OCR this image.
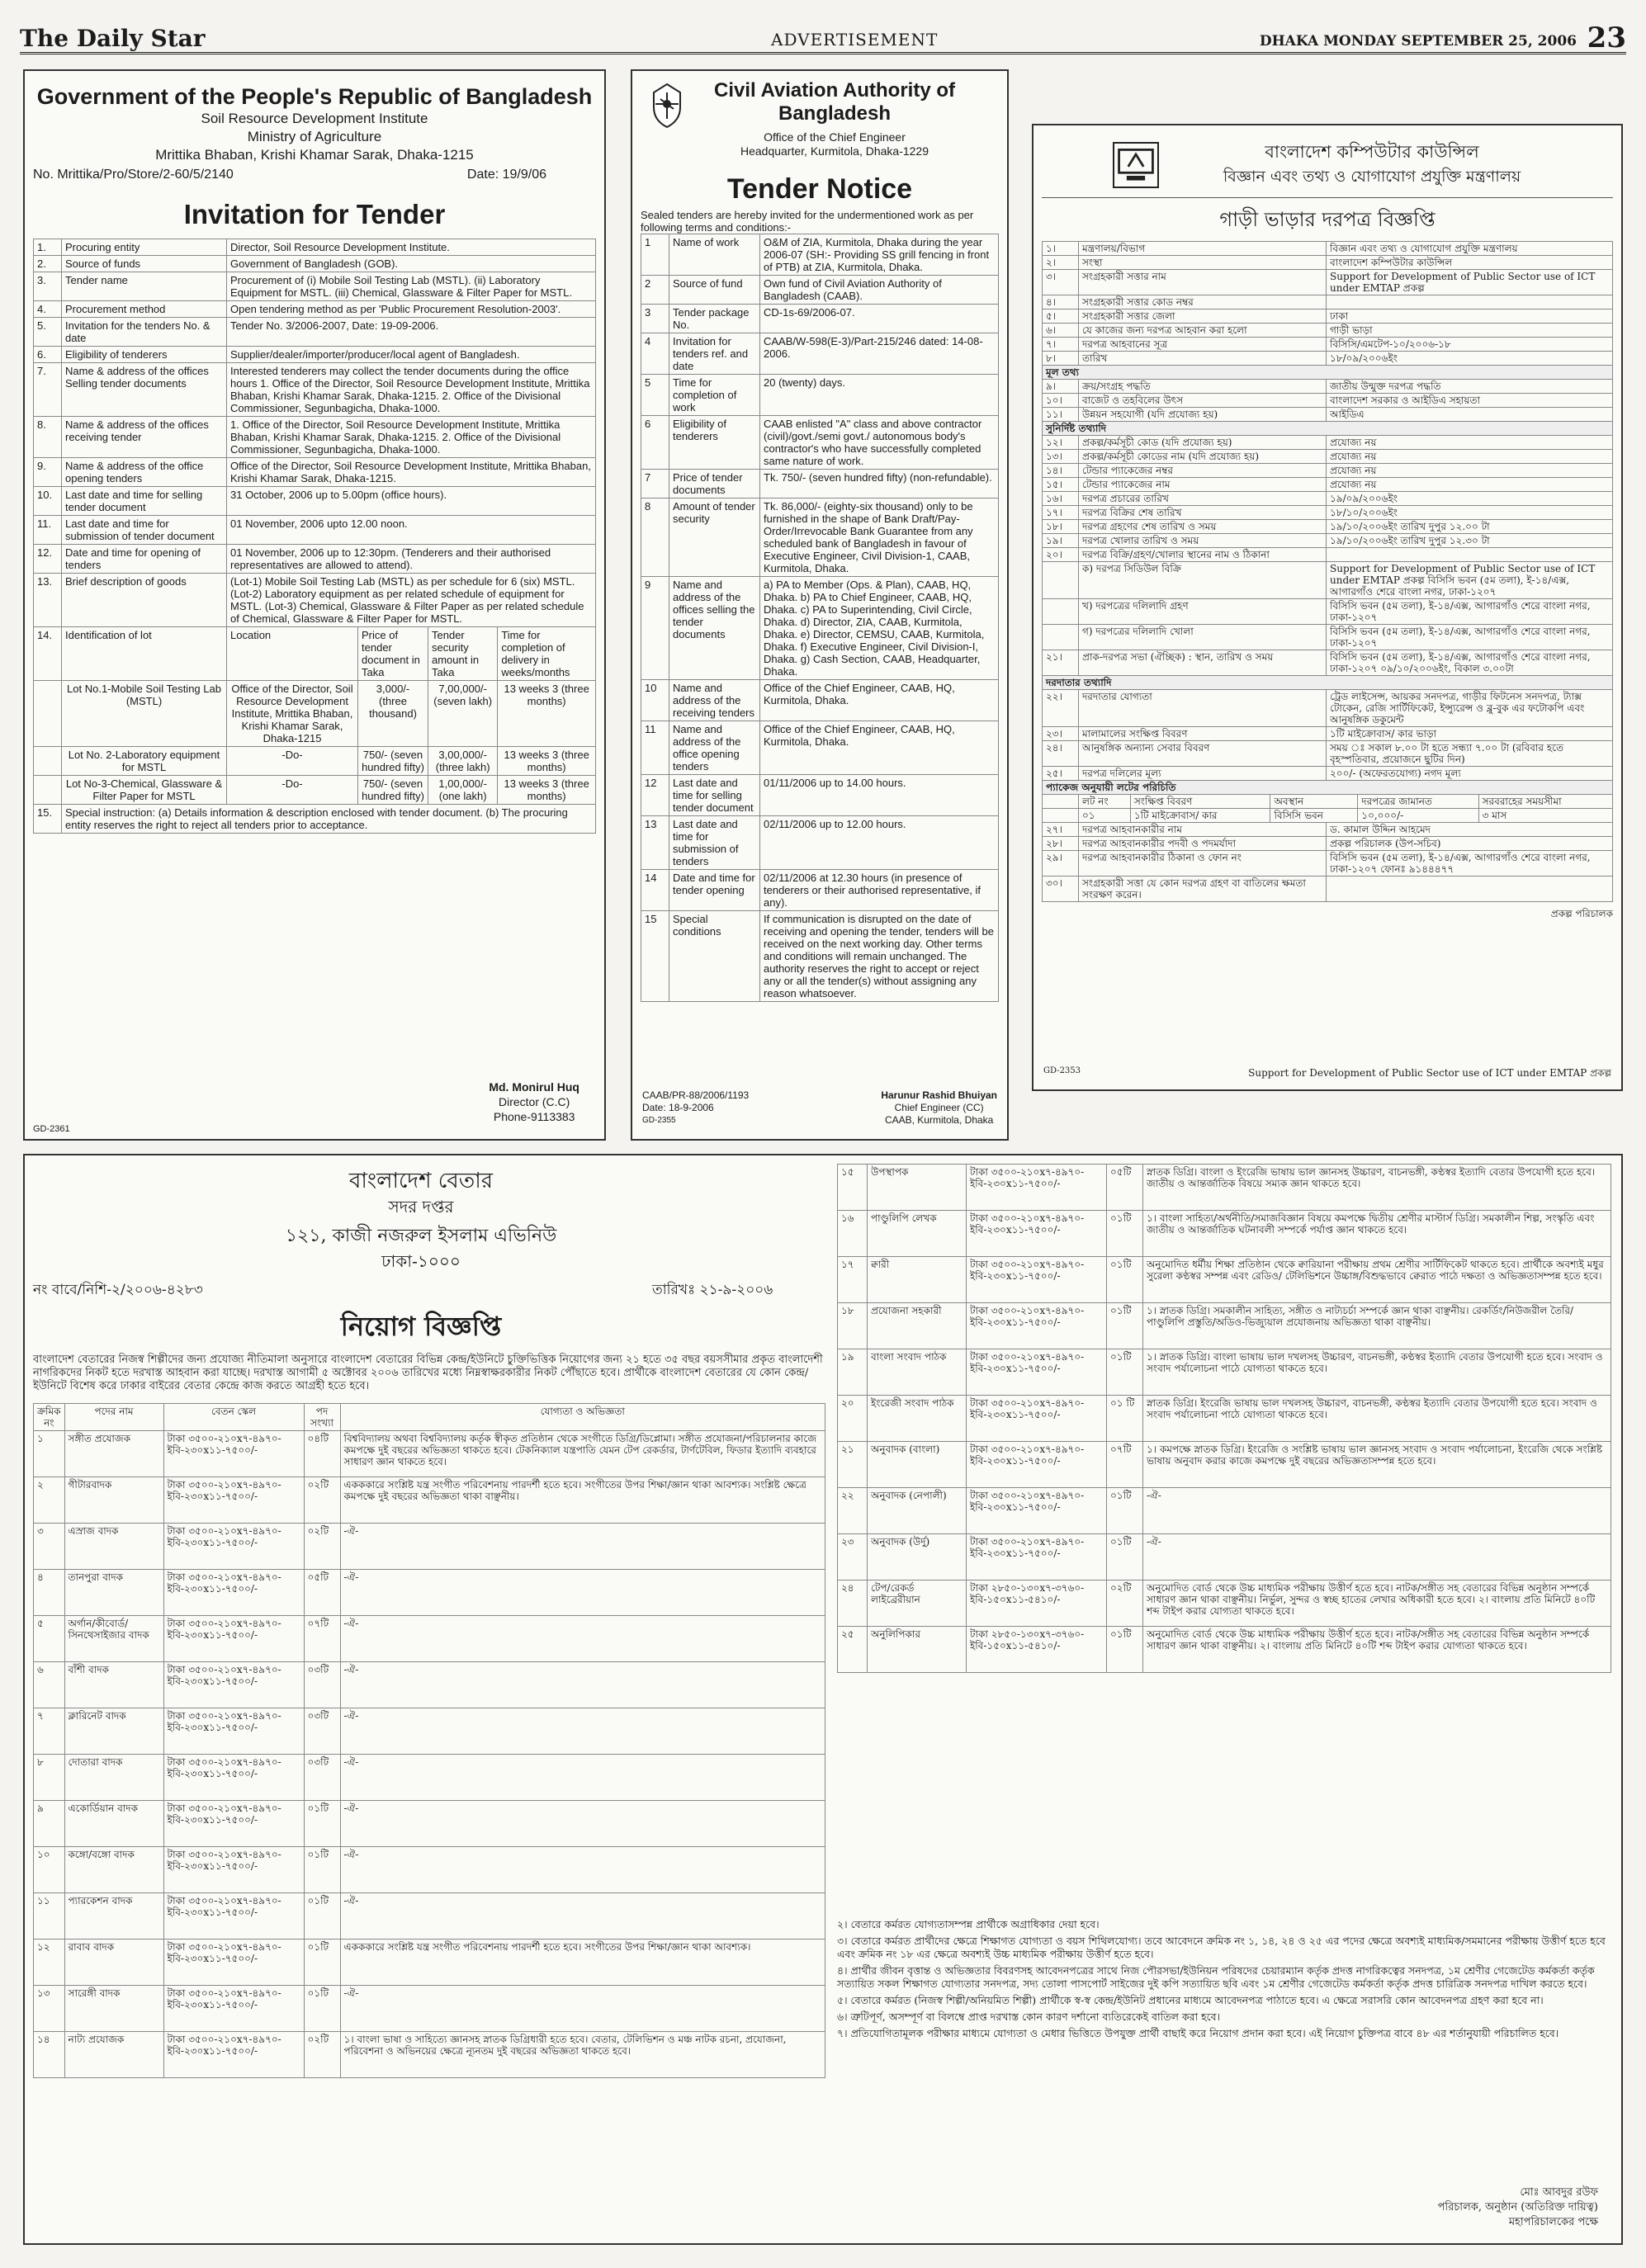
The Daily Star	ADVERTISEMENT	DHAKA MONDAY SEPTEMBER 25, 2006 23
Government of the People's Republic of Bangladesh
Soil Resource Development Institute
Ministry of Agriculture
Mrittika Bhaban, Krishi Khamar Sarak, Dhaka-1215
No. Mrittika/Pro/Store/2-60/5/2140	Date: 19/9/06
Invitation for Tender
1.	Procuring entity	Director, Soil Resource Development Institute.			
2.	Source of funds	Government of Bangladesh (GOB).			
3.	Tender name	Procurement of (i) Mobile Soil Testing Lab (MSTL). (ii) Laboratory Equipment for MSTL. (iii) Chemical, Glassware & Filter Paper for MSTL.			
4.	Procurement method	Open tendering method as per 'Public Procurement Resolution-2003'.			
5.	Invitation for the tenders No. & date	Tender No. 3/2006-2007, Date: 19-09-2006.			
6.	Eligibility of tenderers	Supplier/dealer/importer/producer/local agent of Bangladesh.			
7.	Name & address of the offices Selling tender documents	Interested tenderers may collect the tender documents during the office hours 1. Office of the Director, Soil Resource Development Institute, Mrittika Bhaban, Krishi Khamar Sarak, Dhaka-1215. 2. Office of the Divisional Commissioner, Segunbagicha, Dhaka-1000.			
8.	Name & address of the offices receiving tender	1. Office of the Director, Soil Resource Development Institute, Mrittika Bhaban, Krishi Khamar Sarak, Dhaka-1215. 2. Office of the Divisional Commissioner, Segunbagicha, Dhaka-1000.			
9.	Name & address of the office opening tenders	Office of the Director, Soil Resource Development Institute, Mrittika Bhaban, Krishi Khamar Sarak, Dhaka-1215.			
10.	Last date and time for selling tender document	31 October, 2006 up to 5.00pm (office hours).			
11.	Last date and time for submission of tender document	01 November, 2006 upto 12.00 noon.			
12.	Date and time for opening of tenders	01 November, 2006 up to 12:30pm. (Tenderers and their authorised representatives are allowed to attend).			
13.	Brief description of goods	(Lot-1) Mobile Soil Testing Lab (MSTL) as per schedule for 6 (six) MSTL. (Lot-2) Laboratory equipment as per related schedule of equipment for MSTL. (Lot-3) Chemical, Glassware & Filter Paper as per related schedule of Chemical, Glassware & Filter Paper for MSTL.			
14.	Identification of lot	Location	Price of tender document in Taka	Tender security amount in Taka	Time for completion of delivery in weeks/months
	Lot No.1-Mobile Soil Testing Lab (MSTL)	Office of the Director, Soil Resource Development Institute, Mrittika Bhaban, Krishi Khamar Sarak, Dhaka-1215	3,000/- (three thousand)	7,00,000/- (seven lakh)	13 weeks 3 (three months)
	Lot No. 2-Laboratory equipment for MSTL	-Do-	750/- (seven hundred fifty)	3,00,000/- (three lakh)	13 weeks 3 (three months)
	Lot No-3-Chemical, Glassware & Filter Paper for MSTL	-Do-	750/- (seven hundred fifty)	1,00,000/- (one lakh)	13 weeks 3 (three months)
15.	Special instruction: (a) Details information & description enclosed with tender document. (b) The procuring entity reserves the right to reject all tenders prior to acceptance.				
Md. Monirul Huq
Director (C.C)
Phone-9113383
GD-2361
Civil Aviation Authority of Bangladesh
Office of the Chief Engineer
Headquarter, Kurmitola, Dhaka-1229
Tender Notice
Sealed tenders are hereby invited for the undermentioned work as per following terms and conditions:-
1	Name of work	O&M of ZIA, Kurmitola, Dhaka during the year 2006-07 (SH:- Providing SS grill fencing in front of PTB) at ZIA, Kurmitola, Dhaka.
2	Source of fund	Own fund of Civil Aviation Authority of Bangladesh (CAAB).
3	Tender package No.	CD-1s-69/2006-07.
4	Invitation for tenders ref. and date	CAAB/W-598(E-3)/Part-215/246 dated: 14-08-2006.
5	Time for completion of work	20 (twenty) days.
6	Eligibility of tenderers	CAAB enlisted "A" class and above contractor (civil)/govt./semi govt./ autonomous body's contractor's who have successfully completed same nature of work.
7	Price of tender documents	Tk. 750/- (seven hundred fifty) (non-refundable).
8	Amount of tender security	Tk. 86,000/- (eighty-six thousand) only to be furnished in the shape of Bank Draft/Pay-Order/Irrevocable Bank Guarantee from any scheduled bank of Bangladesh in favour of Executive Engineer, Civil Division-1, CAAB, Kurmitola, Dhaka.
9	Name and address of the offices selling the tender documents	a) PA to Member (Ops. & Plan), CAAB, HQ, Dhaka. b) PA to Chief Engineer, CAAB, HQ, Dhaka. c) PA to Superintending, Civil Circle, Dhaka. d) Director, ZIA, CAAB, Kurmitola, Dhaka. e) Director, CEMSU, CAAB, Kurmitola, Dhaka. f) Executive Engineer, Civil Division-I, Dhaka. g) Cash Section, CAAB, Headquarter, Dhaka.
10	Name and address of the receiving tenders	Office of the Chief Engineer, CAAB, HQ, Kurmitola, Dhaka.
11	Name and address of the office opening tenders	Office of the Chief Engineer, CAAB, HQ, Kurmitola, Dhaka.
12	Last date and time for selling tender document	01/11/2006 up to 14.00 hours.
13	Last date and time for submission of tenders	02/11/2006 up to 12.00 hours.
14	Date and time for tender opening	02/11/2006 at 12.30 hours (in presence of tenderers or their authorised representative, if any).
15	Special conditions	If communication is disrupted on the date of receiving and opening the tender, tenders will be received on the next working day. Other terms and conditions will remain unchanged. The authority reserves the right to accept or reject any or all the tender(s) without assigning any reason whatsoever.
CAAB/PR-88/2006/1193
Date: 18-9-2006
GD-2355
Harunur Rashid Bhuiyan
Chief Engineer (CC)
CAAB, Kurmitola, Dhaka
বাংলাদেশ কম্পিউটার কাউন্সিল
বিজ্ঞান এবং তথ্য ও যোগাযোগ প্রযুক্তি মন্ত্রণালয়
গাড়ী ভাড়ার দরপত্র বিজ্ঞপ্তি
১।	মন্ত্রণালয়/বিভাগ	বিজ্ঞান এবং তথ্য ও যোগাযোগ প্রযুক্তি মন্ত্রণালয়
২।	সংস্থা	বাংলাদেশ কম্পিউটার কাউন্সিল
৩।	সংগ্রহকারী সত্তার নাম	Support for Development of Public Sector use of ICT under EMTAP প্রকল্প
৪।	সংগ্রহকারী সত্তার কোড নম্বর	
৫।	সংগ্রহকারী সত্তার জেলা	ঢাকা
৬।	যে কাজের জন্য দরপত্র আহবান করা হলো	গাড়ী ভাড়া
৭।	দরপত্র আহবানের সূত্র	বিসিসি/এমটেপ-১০/২০০৬-১৮
৮।	তারিখ	১৮/০৯/২০০৬ইং
মূল তথ্য		
৯।	ক্রয়/সংগ্রহ পদ্ধতি	জাতীয় উন্মুক্ত দরপত্র পদ্ধতি
১০।	বাজেট ও তহবিলের উৎস	বাংলাদেশ সরকার ও আইডিএ সহায়তা
১১।	উন্নয়ন সহযোগী (যদি প্রযোজ্য হয়)	আইডিএ
সুনির্দিষ্ট তথ্যাদি		
১২।	প্রকল্প/কর্মসূচী কোড (যদি প্রযোজ্য হয়)	প্রযোজ্য নয়
১৩।	প্রকল্প/কর্মসূচী কোডের নাম (যদি প্রযোজ্য হয়)	প্রযোজ্য নয়
১৪।	টেন্ডার প্যাকেজের নম্বর	প্রযোজ্য নয়
১৫।	টেন্ডার প্যাকেজের নাম	প্রযোজ্য নয়
১৬।	দরপত্র প্রচারের তারিখ	১৯/০৯/২০০৬ইং
১৭।	দরপত্র বিক্রির শেষ তারিখ	১৮/১০/২০০৬ইং
১৮।	দরপত্র গ্রহণের শেষ তারিখ ও সময়	১৯/১০/২০০৬ইং তারিখ দুপুর ১২.০০ টা
১৯।	দরপত্র খোলার তারিখ ও সময়	১৯/১০/২০০৬ইং তারিখ দুপুর ১২.৩০ টা
২০।	দরপত্র বিক্রি/গ্রহণ/খোলার স্থানের নাম ও ঠিকানা	
	ক) দরপত্র সিডিউল বিক্রি	Support for Development of Public Sector use of ICT under EMTAP প্রকল্প বিসিসি ভবন (৫ম তলা), ই-১৪/এক্স, আগারগাঁও শেরে বাংলা নগর, ঢাকা-১২০৭
	খ) দরপত্রের দলিলাদি গ্রহণ	বিসিসি ভবন (৫ম তলা), ই-১৪/এক্স, আগারগাঁও শেরে বাংলা নগর, ঢাকা-১২০৭
	গ) দরপত্রের দলিলাদি খোলা	বিসিসি ভবন (৫ম তলা), ই-১৪/এক্স, আগারগাঁও শেরে বাংলা নগর, ঢাকা-১২০৭
২১।	প্রাক-দরপত্র সভা (ঐচ্ছিক) : স্থান, তারিখ ও সময়	বিসিসি ভবন (৫ম তলা), ই-১৪/এক্স, আগারগাঁও শেরে বাংলা নগর, ঢাকা-১২০৭ ০৯/১০/২০০৬ইং, বিকাল ৩.০০টা
দরদাতার তথ্যাদি		
২২।	দরদাতার যোগ্যতা	ট্রেড লাইসেন্স, আয়কর সনদপত্র, গাড়ীর ফিটনেস সনদপত্র, ট্যাক্স টোকেন, রেজি সার্টিফিকেট, ইন্স্যুরেন্স ও ব্লু-বুক এর ফটোকপি এবং আনুষঙ্গিক ডকুমেন্ট
২৩।	মালামালের সংক্ষিপ্ত বিবরণ	১টি মাইক্রোবাস/ কার ভাড়া
২৪।	আনুষঙ্গিক অন্যান্য সেবার বিবরণ	সময় ঃ সকাল ৮.০০ টা হতে সন্ধ্যা ৭.০০ টা (রবিবার হতে বৃহস্পতিবার, প্রয়োজনে ছুটির দিন)
২৫।	দরপত্র দলিলের মূল্য	২০০/- (অফেরতযোগ্য) নগদ মূল্য
প্যাকেজ অনুযায়ী লটের পরিচিতি		
	লট নং	সংক্ষিপ্ত বিবরণ	অবস্থান	দরপত্রের জামানত	সরবরাহের সময়সীমা
	০১	১টি মাইক্রোবাস/ কার	বিসিসি ভবন	১০,০০০/-	৩ মাস
২৭।	দরপত্র আহবানকারীর নাম	ড. কামাল উদ্দিন আহমেদ
২৮।	দরপত্র আহবানকারীর পদবী ও পদমর্যাদা	প্রকল্প পরিচালক (উপ-সচিব)
২৯।	দরপত্র আহবানকারীর ঠিকানা ও ফোন নং	বিসিসি ভবন (৫ম তলা), ই-১৪/এক্স, আগারগাঁও শেরে বাংলা নগর, ঢাকা-১২০৭ ফোনঃ ৯১৪৪৪৭৭
৩০।	সংগ্রহকারী সত্তা যে কোন দরপত্র গ্রহণ বা বাতিলের ক্ষমতা সংরক্ষণ করেন।	
প্রকল্প পরিচালক
GD-2353	Support for Development of Public Sector use of ICT under EMTAP প্রকল্প
বাংলাদেশ বেতার
সদর দপ্তর
১২১, কাজী নজরুল ইসলাম এভিনিউ
ঢাকা-১০০০
নং বাবে/নিশি-২/২০০৬-৪২৮৩	তারিখঃ ২১-৯-২০০৬
নিয়োগ বিজ্ঞপ্তি
বাংলাদেশ বেতারের নিজস্ব শিল্পীদের জন্য প্রযোজ্য নীতিমালা অনুসারে বাংলাদেশ বেতারের বিভিন্ন কেন্দ্র/ইউনিটে চুক্তিভিত্তিক নিয়োগের জন্য ২১ হতে ৩৫ বছর বয়সসীমার প্রকৃত বাংলাদেশী নাগরিকদের নিকট হতে দরখাস্ত আহবান করা যাচ্ছে। দরখাস্ত আগামী ৫ অক্টোবর ২০০৬ তারিখের মধ্যে নিম্নস্বাক্ষরকারীর নিকট পৌঁছাতে হবে। প্রার্থীকে বাংলাদেশ বেতারের যে কোন কেন্দ্র/ইউনিটে বিশেষ করে ঢাকার বাইরের বেতার কেন্দ্রে কাজ করতে আগ্রহী হতে হবে।
ক্রমিক নং	পদের নাম	বেতন স্কেল	পদ সংখ্যা	যোগ্যতা ও অভিজ্ঞতা
১	সঙ্গীত প্রযোজক	টাকা ৩৫০০-২১০x৭-৪৯৭০- ইবি-২৩০x১১-৭৫০০/-	০৪টি	বিশ্ববিদ্যালয় অথবা বিশ্ববিদ্যালয় কর্তৃক স্বীকৃত প্রতিষ্ঠান থেকে সংগীতে ডিগ্রি/ডিপ্লোমা। সঙ্গীত প্রযোজনা/পরিচালনার কাজে কমপক্ষে দুই বছরের অভিজ্ঞতা থাকতে হবে। টেকনিক্যাল যন্ত্রপাতি যেমন টেপ রেকর্ডার, টার্ণটেবিল, ফিডার ইত্যাদি ব্যবহারে সাধারণ জ্ঞান থাকতে হবে।
২	গীটারবাদক	টাকা ৩৫০০-২১০x৭-৪৯৭০- ইবি-২৩০x১১-৭৫০০/-	০২টি	একককারে সংশ্লিষ্ট যন্ত্র সংগীত পরিবেশনায় পারদর্শী হতে হবে। সংগীতের উপর শিক্ষা/জ্ঞান থাকা আবশ্যক। সংশ্লিষ্ট ক্ষেত্রে কমপক্ষে দুই বছরের অভিজ্ঞতা থাকা বাঞ্ছনীয়।
৩	এস্রাজ বাদক	টাকা ৩৫০০-২১০x৭-৪৯৭০- ইবি-২৩০x১১-৭৫০০/-	০২টি	-ঐ-
৪	তানপুরা বাদক	টাকা ৩৫০০-২১০x৭-৪৯৭০- ইবি-২৩০x১১-৭৫০০/-	০৫টি	-ঐ-
৫	অর্গান/কীবোর্ড/সিনথেসাইজার বাদক	টাকা ৩৫০০-২১০x৭-৪৯৭০- ইবি-২৩০x১১-৭৫০০/-	০৭টি	-ঐ-
৬	বাঁশী বাদক	টাকা ৩৫০০-২১০x৭-৪৯৭০- ইবি-২৩০x১১-৭৫০০/-	০৩টি	-ঐ-
৭	ক্লারিনেট বাদক	টাকা ৩৫০০-২১০x৭-৪৯৭০- ইবি-২৩০x১১-৭৫০০/-	০৩টি	-ঐ-
৮	দোতারা বাদক	টাকা ৩৫০০-২১০x৭-৪৯৭০- ইবি-২৩০x১১-৭৫০০/-	০৩টি	-ঐ-
৯	একোর্ডিয়ান বাদক	টাকা ৩৫০০-২১০x৭-৪৯৭০- ইবি-২৩০x১১-৭৫০০/-	০১টি	-ঐ-
১০	কঙ্গো/বঙ্গো বাদক	টাকা ৩৫০০-২১০x৭-৪৯৭০- ইবি-২৩০x১১-৭৫০০/-	০১টি	-ঐ-
১১	প্যারকেশন বাদক	টাকা ৩৫০০-২১০x৭-৪৯৭০- ইবি-২৩০x১১-৭৫০০/-	০১টি	-ঐ-
১২	রাবাব বাদক	টাকা ৩৫০০-২১০x৭-৪৯৭০- ইবি-২৩০x১১-৭৫০০/-	০১টি	একককারে সংশ্লিষ্ট যন্ত্র সংগীত পরিবেশনায় পারদর্শী হতে হবে। সংগীতের উপর শিক্ষা/জ্ঞান থাকা আবশ্যক।
১৩	সারেঙ্গী বাদক	টাকা ৩৫০০-২১০x৭-৪৯৭০- ইবি-২৩০x১১-৭৫০০/-	০১টি	-ঐ-
১৪	নাট্য প্রযোজক	টাকা ৩৫০০-২১০x৭-৪৯৭০- ইবি-২৩০x১১-৭৫০০/-	০২টি	১। বাংলা ভাষা ও সাহিত্যে জ্ঞানসহ স্নাতক ডিগ্রিধারী হতে হবে। বেতার, টেলিভিশন ও মঞ্চ নাটক রচনা, প্রযোজনা, পরিবেশনা ও অভিনয়ের ক্ষেত্রে ন্যূনতম দুই বছরের অভিজ্ঞতা থাকতে হবে।
১৫	উপস্থাপক	টাকা ৩৫০০-২১০x৭-৪৯৭০- ইবি-২৩০x১১-৭৫০০/-	০৫টি	স্নাতক ডিগ্রি। বাংলা ও ইংরেজি ভাষায় ভাল জ্ঞানসহ উচ্চারণ, বাচনভঙ্গী, কণ্ঠস্বর ইত্যাদি বেতার উপযোগী হতে হবে। জাতীয় ও আন্তর্জাতিক বিষয়ে সম্যক জ্ঞান থাকতে হবে।
১৬	পাণ্ডুলিপি লেখক	টাকা ৩৫০০-২১০x৭-৪৯৭০- ইবি-২৩০x১১-৭৫০০/-	০১টি	১। বাংলা সাহিত্য/অর্থনীতি/সমাজবিজ্ঞান বিষয়ে কমপক্ষে দ্বিতীয় শ্রেণীর মাস্টার্স ডিগ্রি। সমকালীন শিল্প, সংস্কৃতি এবং জাতীয় ও আন্তর্জাতিক ঘটনাবলী সম্পর্কে পর্যাপ্ত জ্ঞান থাকতে হবে।
১৭	ক্বারী	টাকা ৩৫০০-২১০x৭-৪৯৭০- ইবি-২৩০x১১-৭৫০০/-	০১টি	অনুমোদিত ধর্মীয় শিক্ষা প্রতিষ্ঠান থেকে ক্বারিয়ানা পরীক্ষায় প্রথম শ্রেণীর সার্টিফিকেট থাকতে হবে। প্রার্থীকে অবশ্যই মধুর সুরেলা কণ্ঠস্বর সম্পন্ন এবং রেডিও/ টেলিভিশনে উচ্চাঙ্গ/বিশুদ্ধভাবে ক্বেরাত পাঠে দক্ষতা ও অভিজ্ঞতাসম্পন্ন হতে হবে।
১৮	প্রযোজনা সহকারী	টাকা ৩৫০০-২১০x৭-৪৯৭০- ইবি-২৩০x১১-৭৫০০/-	০১টি	১। স্নাতক ডিগ্রি। সমকালীন সাহিত্য, সঙ্গীত ও নাট্যচর্চা সম্পর্কে জ্ঞান থাকা বাঞ্ছনীয়। রেকর্ডিং/নিউজরীল তৈরি/ পাণ্ডুলিপি প্রস্তুতি/অডিও-ভিজ্যুয়াল প্রযোজনায় অভিজ্ঞতা থাকা বাঞ্ছনীয়।
১৯	বাংলা সংবাদ পাঠক	টাকা ৩৫০০-২১০x৭-৪৯৭০- ইবি-২৩০x১১-৭৫০০/-	০১টি	১। স্নাতক ডিগ্রি। বাংলা ভাষায় ভাল দখলসহ উচ্চারণ, বাচনভঙ্গী, কণ্ঠস্বর ইত্যাদি বেতার উপযোগী হতে হবে। সংবাদ ও সংবাদ পর্যালোচনা পাঠে যোগ্যতা থাকতে হবে।
২০	ইংরেজী সংবাদ পাঠক	টাকা ৩৫০০-২১০x৭-৪৯৭০- ইবি-২৩০x১১-৭৫০০/-	০১ টি	স্নাতক ডিগ্রি। ইংরেজি ভাষায় ভাল দখলসহ উচ্চারণ, বাচনভঙ্গী, কণ্ঠস্বর ইত্যাদি বেতার উপযোগী হতে হবে। সংবাদ ও সংবাদ পর্যালোচনা পাঠে যোগ্যতা থাকতে হবে।
২১	অনুবাদক (বাংলা)	টাকা ৩৫০০-২১০x৭-৪৯৭০- ইবি-২৩০x১১-৭৫০০/-	০৭টি	১। কমপক্ষে স্নাতক ডিগ্রি। ইংরেজি ও সংশ্লিষ্ট ভাষায় ভাল জ্ঞানসহ সংবাদ ও সংবাদ পর্যালোচনা, ইংরেজি থেকে সংশ্লিষ্ট ভাষায় অনুবাদ করার কাজে কমপক্ষে দুই বছরের অভিজ্ঞতাসম্পন্ন হতে হবে।
২২	অনুবাদক (নেপালী)	টাকা ৩৫০০-২১০x৭-৪৯৭০- ইবি-২৩০x১১-৭৫০০/-	০১টি	-ঐ-
২৩	অনুবাদক (উর্দু)	টাকা ৩৫০০-২১০x৭-৪৯৭০- ইবি-২৩০x১১-৭৫০০/-	০১টি	-ঐ-
২৪	টেপ/রেকর্ড লাইব্রেরীয়ান	টাকা ২৮৫০-১৩০x৭-৩৭৬০- ইবি-১৫০x১১-৫৪১০/-	০২টি	অনুমোদিত বোর্ড থেকে উচ্চ মাধ্যমিক পরীক্ষায় উত্তীর্ণ হতে হবে। নাটক/সঙ্গীত সহ বেতারের বিভিন্ন অনুষ্ঠান সম্পর্কে সাধারণ জ্ঞান থাকা বাঞ্ছনীয়। নির্ভুল, সুন্দর ও স্বচ্ছ হাতের লেখার অধিকারী হতে হবে। ২। বাংলায় প্রতি মিনিটে ৪০টি শব্দ টাইপ করার যোগ্যতা থাকতে হবে।
২৫	অনুলিপিকার	টাকা ২৮৫০-১৩০x৭-৩৭৬০- ইবি-১৫০x১১-৫৪১০/-	০১টি	অনুমোদিত বোর্ড থেকে উচ্চ মাধ্যমিক পরীক্ষায় উত্তীর্ণ হতে হবে। নাটক/সঙ্গীত সহ বেতারের বিভিন্ন অনুষ্ঠান সম্পর্কে সাধারণ জ্ঞান থাকা বাঞ্ছনীয়। ২। বাংলায় প্রতি মিনিটে ৪০টি শব্দ টাইপ করার যোগ্যতা থাকতে হবে।
২। বেতারে কর্মরত যোগ্যতাসম্পন্ন প্রার্থীকে অগ্রাধিকার দেয়া হবে।
৩। বেতারে কর্মরত প্রার্থীদের ক্ষেত্রে শিক্ষাগত যোগ্যতা ও বয়স শিথিলযোগ্য। তবে আবেদনে ক্রমিক নং ১, ১৪, ২৪ ও ২৫ এর পদের ক্ষেত্রে অবশ্যই মাধ্যমিক/সমমানের পরীক্ষায় উত্তীর্ণ হতে হবে এবং ক্রমিক নং ১৮ এর ক্ষেত্রে অবশ্যই উচ্চ মাধ্যমিক পরীক্ষায় উত্তীর্ণ হতে হবে।
৪। প্রার্থীর জীবন বৃত্তান্ত ও অভিজ্ঞতার বিবরণসহ আবেদনপত্রের সাথে নিজ পৌরসভা/ইউনিয়ন পরিষদের চেয়ারম্যান কর্তৃক প্রদত্ত নাগরিকত্বের সনদপত্র, ১ম শ্রেণীর গেজেটেড কর্মকর্তা কর্তৃক সত্যায়িত সকল শিক্ষাগত যোগ্যতার সনদপত্র, সদ্য তোলা পাসপোর্ট সাইজের দুই কপি সত্যায়িত ছবি এবং ১ম শ্রেণীর গেজেটেড কর্মকর্তা কর্তৃক প্রদত্ত চারিত্রিক সনদপত্র দাখিল করতে হবে।
৫। বেতারে কর্মরত (নিজস্ব শিল্পী/অনিয়মিত শিল্পী) প্রার্থীকে স্ব-স্ব কেন্দ্র/ইউনিট প্রধানের মাধ্যমে আবেদনপত্র পাঠাতে হবে। এ ক্ষেত্রে সরাসরি কোন আবেদনপত্র গ্রহণ করা হবে না।
৬। ত্রুটিপূর্ণ, অসম্পূর্ণ বা বিলম্বে প্রাপ্ত দরখাস্ত কোন কারণ দর্শানো ব্যতিরেকেই বাতিল করা হবে।
৭। প্রতিযোগিতামূলক পরীক্ষার মাধ্যমে যোগ্যতা ও মেধার ভিত্তিতে উপযুক্ত প্রার্থী বাছাই করে নিয়োগ প্রদান করা হবে। এই নিয়োগ চুক্তিপত্র বাবে ৪৮ এর শর্তানুযায়ী পরিচালিত হবে।
মোঃ আবদুর রউফ
পরিচালক, অনুষ্ঠান (অতিরিক্ত দায়িত্ব)
মহাপরিচালকের পক্ষে
